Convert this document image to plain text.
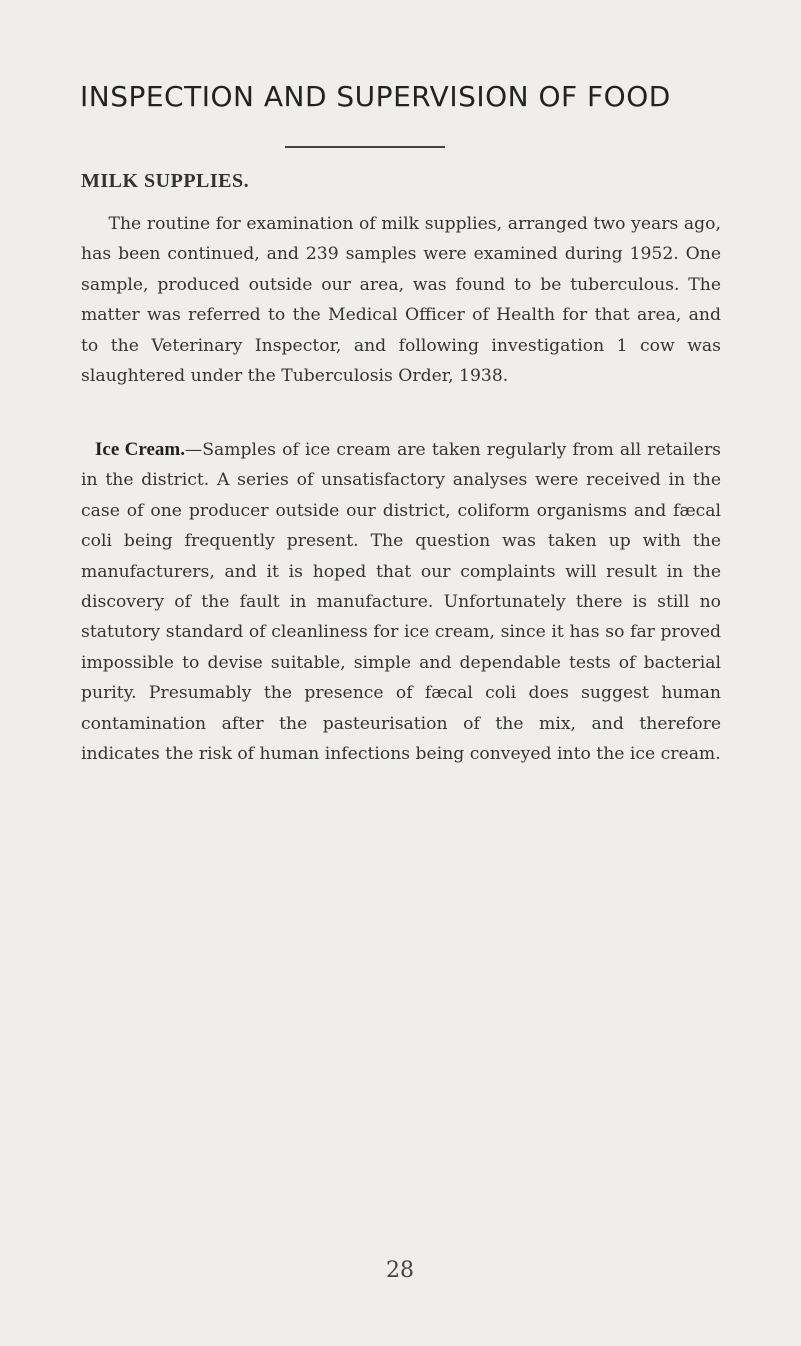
INSPECTION AND SUPERVISION OF FOOD
MILK SUPPLIES.

The routine for examination of milk supplies, arranged two years ago, has been continued, and 239 samples were examined during 1952. One sample, produced outside our area, was found to be tuberculous. The matter was referred to the Medical Officer of Health for that area, and to the Veterinary Inspector, and following investigation 1 cow was slaughtered under the Tuberculosis Order, 1938.

Ice Cream.—Samples of ice cream are taken regularly from all retailers in the district. A series of unsatisfactory analyses were received in the case of one producer outside our district, coliform organisms and fæcal coli being frequently present. The question was taken up with the manufacturers, and it is hoped that our complaints will result in the discovery of the fault in manufacture. Unfortunately there is still no statutory standard of cleanliness for ice cream, since it has so far proved impossible to devise suitable, simple and dependable tests of bacterial purity. Presumably the presence of fæcal coli does suggest human contamination after the pasteurisation of the mix, and therefore indicates the risk of human infections being conveyed into the ice cream.

28
